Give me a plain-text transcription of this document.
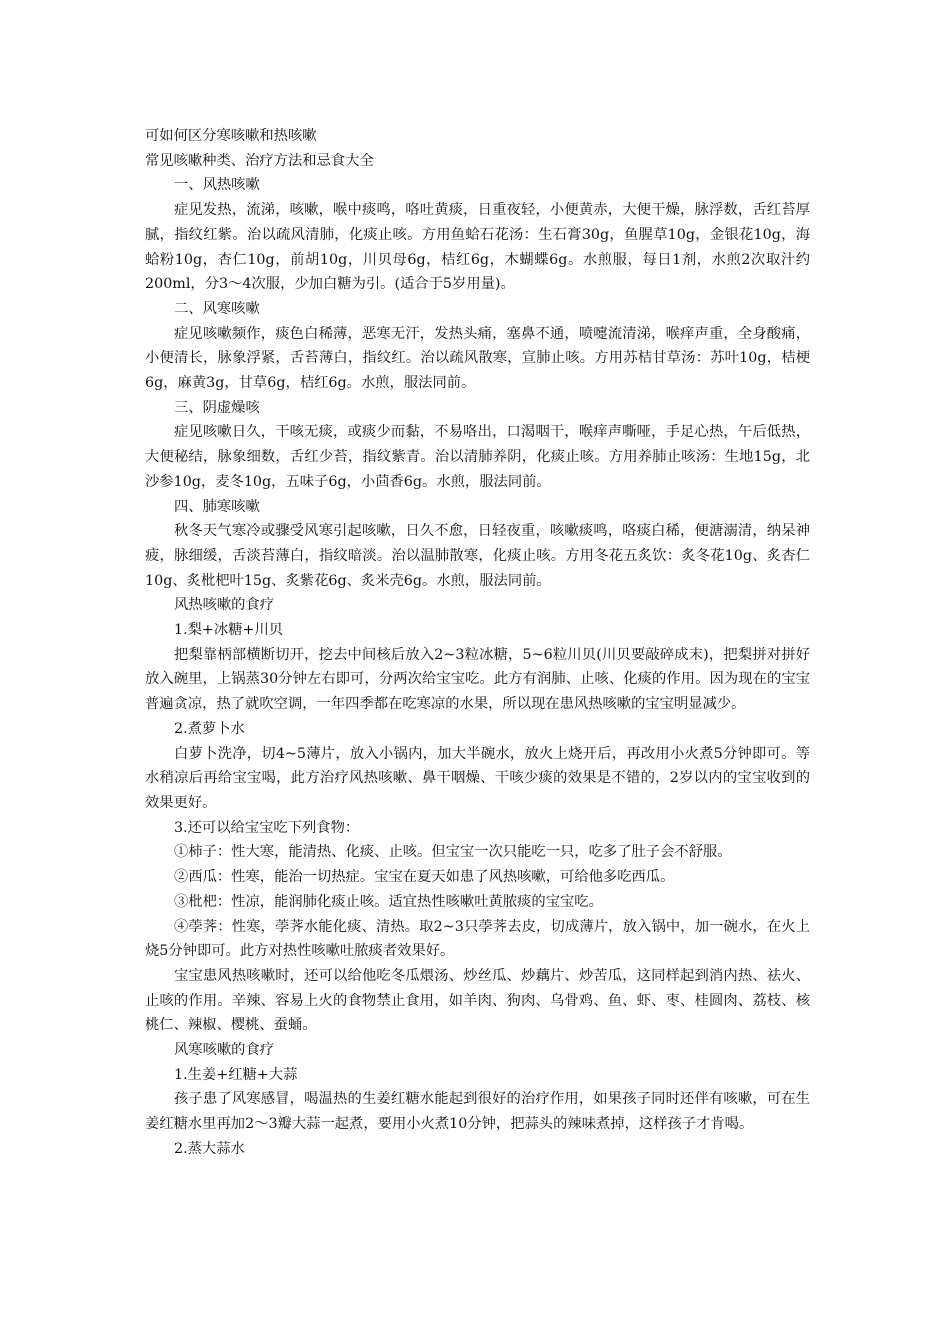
可如何区分寒咳嗽和热咳嗽

常见咳嗽种类、治疗方法和忌食大全

一、风热咳嗽

症见发热，流涕，咳嗽，喉中痰鸣，咯吐黄痰，日重夜轻，小便黄赤，大便干燥，脉浮数，舌红苔厚腻，指纹红紫。治以疏风清肺，化痰止咳。方用鱼蛤石花汤：生石膏30g，鱼腥草10g，金银花10g，海蛤粉10g，杏仁10g，前胡10g，川贝母6g，桔红6g，木蝴蝶6g。水煎服，每日1剂，水煎2次取汁约200ml，分3～4次服，少加白糖为引。(适合于5岁用量)。

二、风寒咳嗽

症见咳嗽频作，痰色白稀薄，恶寒无汗，发热头痛，塞鼻不通，喷嚏流清涕，喉痒声重，全身酸痛，小便清长，脉象浮紧，舌苔薄白，指纹红。治以疏风散寒，宣肺止咳。方用苏桔甘草汤：苏叶10g，桔梗6g，麻黄3g，甘草6g，桔红6g。水煎，服法同前。

三、阴虚燥咳

症见咳嗽日久，干咳无痰，或痰少而黏，不易咯出，口渴咽干，喉痒声嘶哑，手足心热，午后低热，大便秘结，脉象细数，舌红少苔，指纹紫青。治以清肺养阴，化痰止咳。方用养肺止咳汤：生地15g，北沙参10g，麦冬10g，五味子6g，小茴香6g。水煎，服法同前。

四、肺寒咳嗽

秋冬天气寒冷或骤受风寒引起咳嗽，日久不愈，日轻夜重，咳嗽痰鸣，咯痰白稀，便溏溺清，纳呆神疲，脉细缓，舌淡苔薄白，指纹暗淡。治以温肺散寒，化痰止咳。方用冬花五炙饮：炙冬花10g、炙杏仁10g、炙枇杷叶15g、炙紫花6g、炙米壳6g。水煎，服法同前。

风热咳嗽的食疗

1.梨+冰糖+川贝

把梨靠柄部横断切开，挖去中间核后放入2~3粒冰糖，5~6粒川贝(川贝要敲碎成末)，把梨拼对拼好放入碗里，上锅蒸30分钟左右即可，分两次给宝宝吃。此方有润肺、止咳、化痰的作用。因为现在的宝宝普遍贪凉，热了就吹空调，一年四季都在吃寒凉的水果，所以现在患风热咳嗽的宝宝明显减少。

2.煮萝卜水

白萝卜洗净，切4~5薄片，放入小锅内，加大半碗水，放火上烧开后，再改用小火煮5分钟即可。等水稍凉后再给宝宝喝，此方治疗风热咳嗽、鼻干咽燥、干咳少痰的效果是不错的，2岁以内的宝宝收到的效果更好。

3.还可以给宝宝吃下列食物：

①柿子：性大寒，能清热、化痰、止咳。但宝宝一次只能吃一只，吃多了肚子会不舒服。

②西瓜：性寒，能治一切热症。宝宝在夏天如患了风热咳嗽，可给他多吃西瓜。

③枇杷：性凉，能润肺化痰止咳。适宜热性咳嗽吐黄脓痰的宝宝吃。

④荸荠：性寒，荸荠水能化痰、清热。取2~3只荸荠去皮，切成薄片，放入锅中，加一碗水，在火上烧5分钟即可。此方对热性咳嗽吐脓痰者效果好。

宝宝患风热咳嗽时，还可以给他吃冬瓜煨汤、炒丝瓜、炒藕片、炒苦瓜，这同样起到消内热、祛火、止咳的作用。辛辣、容易上火的食物禁止食用，如羊肉、狗肉、乌骨鸡、鱼、虾、枣、桂圆肉、荔枝、核桃仁、辣椒、樱桃、蚕蛹。

风寒咳嗽的食疗

1.生姜+红糖+大蒜

孩子患了风寒感冒，喝温热的生姜红糖水能起到很好的治疗作用，如果孩子同时还伴有咳嗽，可在生姜红糖水里再加2～3瓣大蒜一起煮，要用小火煮10分钟，把蒜头的辣味煮掉，这样孩子才肯喝。

2.蒸大蒜水
